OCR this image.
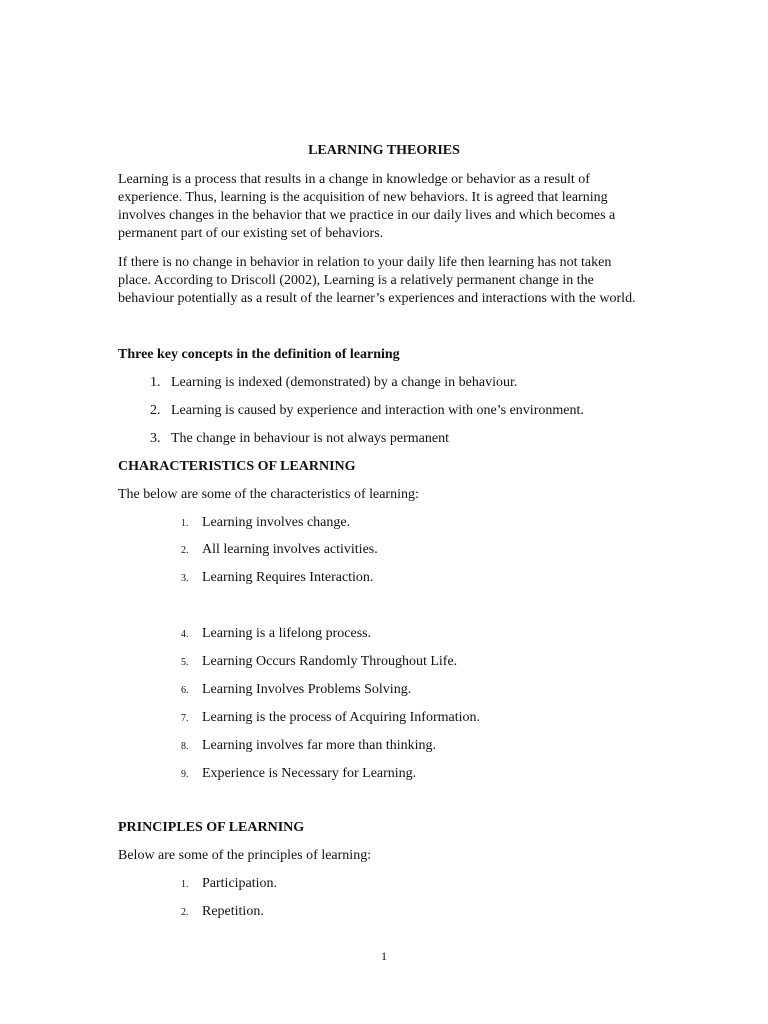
LEARNING THEORIES

Learning is a process that results in a change in knowledge or behavior as a result of
experience. Thus, learning is the acquisition of new behaviors. It is agreed that learning
involves changes in the behavior that we practice in our daily lives and which becomes a
permanent part of our existing set of behaviors.

If there is no change in behavior in relation to your daily life then learning has not taken
place. According to Driscoll (2002), Learning is a relatively permanent change in the
behaviour potentially as a result of the learner’s experiences and interactions with the world.

Three key concepts in the definition of learning
1. Learning is indexed (demonstrated) by a change in behaviour.
2. Learning is caused by experience and interaction with one’s environment.
3. The change in behaviour is not always permanent
CHARACTERISTICS OF LEARNING
The below are some of the characteristics of learning:
1. Learning involves change.
2. All learning involves activities.
3. Learning Requires Interaction.
4. Learning is a lifelong process.
5. Learning Occurs Randomly Throughout Life.
6. Learning Involves Problems Solving.
7. Learning is the process of Acquiring Information.
8. Learning involves far more than thinking.
9. Experience is Necessary for Learning.
PRINCIPLES OF LEARNING
Below are some of the principles of learning:
1. Participation.
2. Repetition.
1
